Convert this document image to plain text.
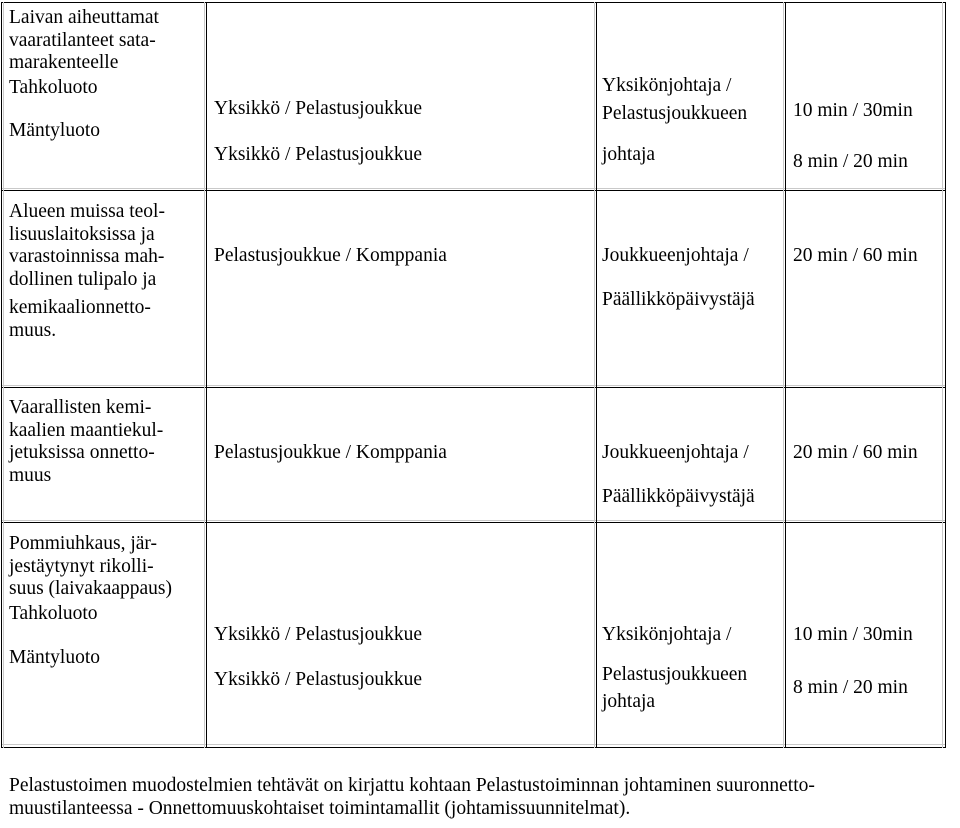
Laivan aiheuttamat
vaaratilanteet sata-
marakenteelle
Tahkoluoto
Mäntyluoto
Yksikkö / Pelastusjoukkue
Yksikkö / Pelastusjoukkue
Yksikönjohtaja /
Pelastusjoukkueen
johtaja
10 min / 30min
8 min / 20 min
Alueen muissa teol-
lisuuslaitoksissa ja
varastoinnissa mah-
dollinen tulipalo ja
kemikaalionnetto-
muus.
Pelastusjoukkue / Komppania	Joukkueenjohtaja /
Päällikköpäivystäjä
20 min / 60 min
Vaarallisten kemi-
kaalien maantiekul-
jetuksissa onnetto-
muus
Pelastusjoukkue / Komppania	Joukkueenjohtaja /
Päällikköpäivystäjä
20 min / 60 min
Pommiuhkaus, jär-
jestäytynyt rikolli-
suus (laivakaappaus)
Tahkoluoto
Mäntyluoto
Yksikkö / Pelastusjoukkue
Yksikkö / Pelastusjoukkue
Yksikönjohtaja /
Pelastusjoukkueen
johtaja
10 min / 30min
8 min / 20 min
Pelastustoimen muodostelmien tehtävät on kirjattu kohtaan Pelastustoiminnan johtaminen suuronnetto-
muustilanteessa - Onnettomuuskohtaiset toimintamallit (johtamissuunnitelmat).
